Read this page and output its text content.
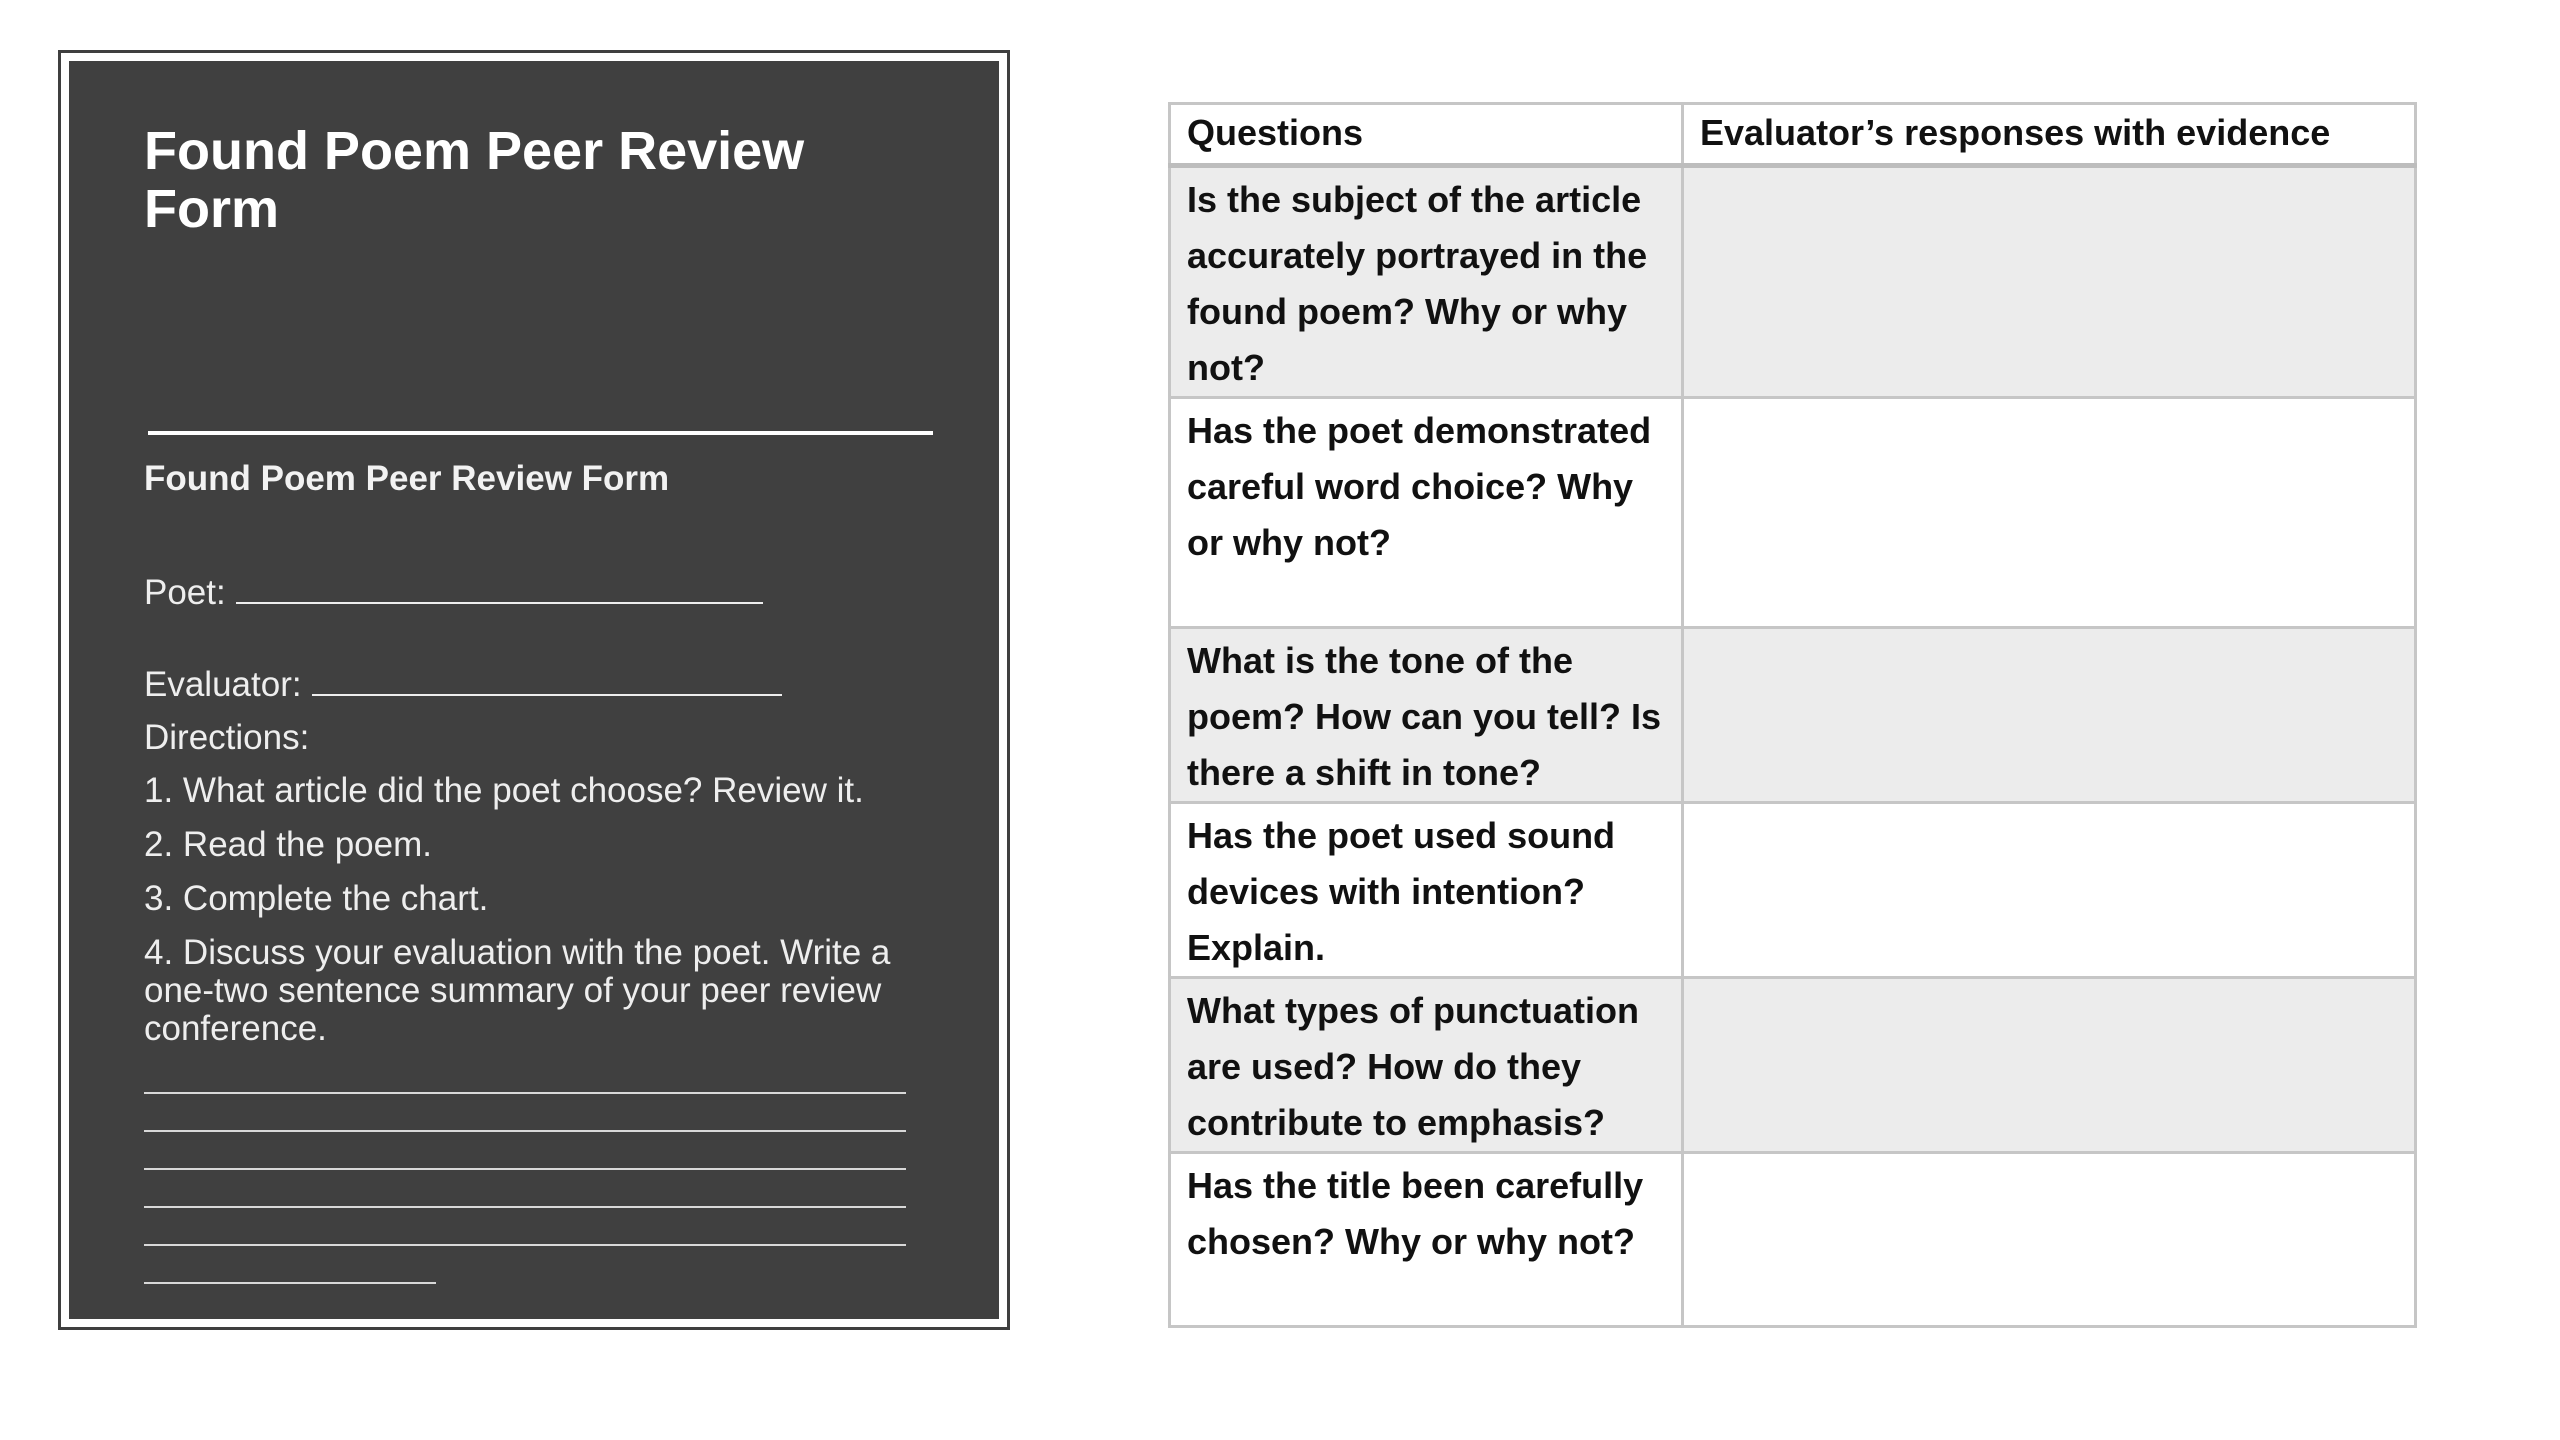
Found Poem Peer Review Form
Found Poem Peer Review Form
Poet:
Evaluator:
Directions:
1. What article did the poet choose? Review it.
2. Read the poem.
3. Complete the chart.
4. Discuss your evaluation with the poet. Write a one-two sentence summary of your peer review conference.
Questions	Evaluator’s responses with evidence
Is the subject of the article accurately portrayed in the found poem? Why or why not?	
Has the poet demonstrated careful word choice? Why or why not?	
What is the tone of the poem? How can you tell? Is there a shift in tone?	
Has the poet used sound devices with intention? Explain.	
What types of punctuation are used? How do they contribute to emphasis?	
Has the title been carefully chosen? Why or why not?	
